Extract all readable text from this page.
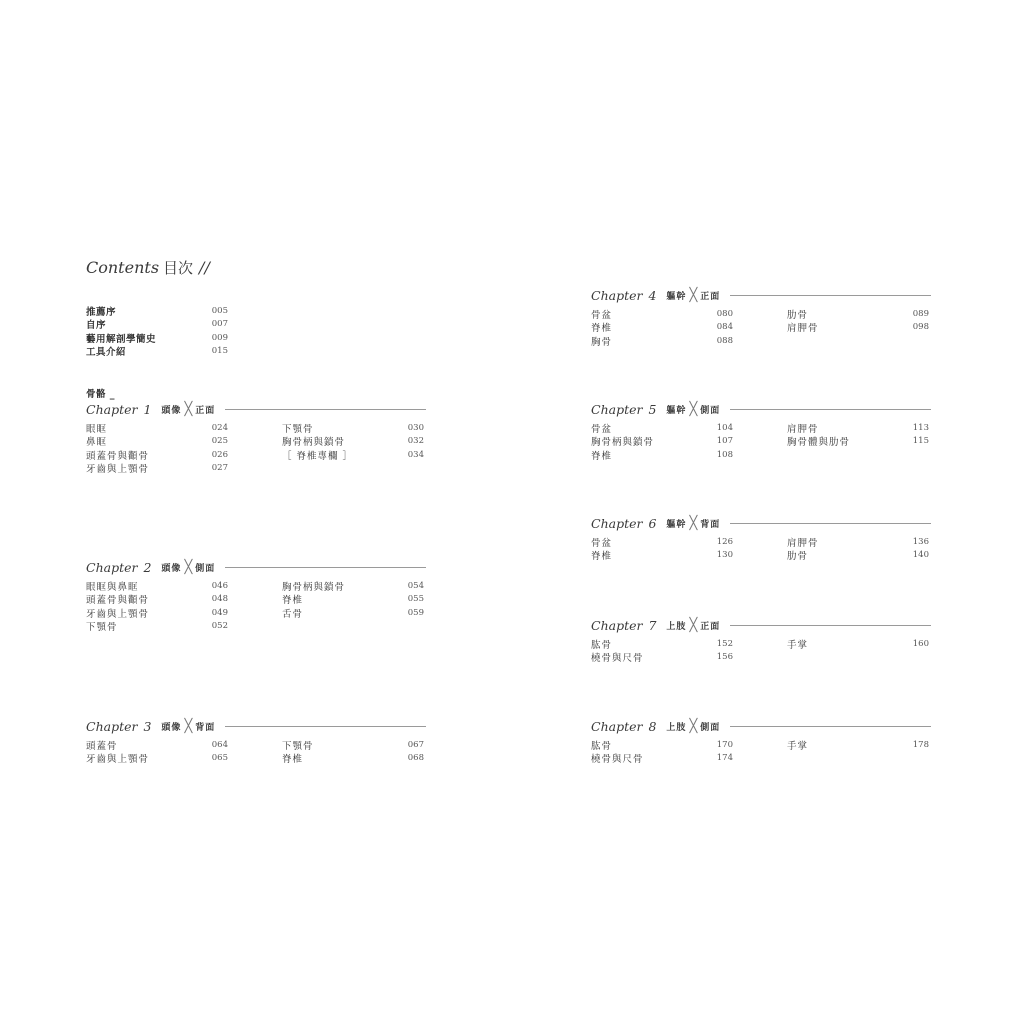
Contents 目次 //
推薦序	005
自序	007
藝用解剖學簡史	009
工具介紹	015
骨骼 _
Chapter 1 頭像 ╳ 正面
眼眶	024
鼻眶	025
頭蓋骨與顴骨	026
牙齒與上顎骨	027
下顎骨	030
胸骨柄與鎖骨	032
［ 脊椎專欄 ］	034
Chapter 2 頭像 ╳ 側面
眼眶與鼻眶	046
頭蓋骨與顴骨	048
牙齒與上顎骨	049
下顎骨	052
胸骨柄與鎖骨	054
脊椎	055
舌骨	059
Chapter 3 頭像 ╳ 背面
頭蓋骨	064
牙齒與上顎骨	065
下顎骨	067
脊椎	068
Chapter 4 軀幹 ╳ 正面
骨盆	080
脊椎	084
胸骨	088
肋骨	089
肩胛骨	098
Chapter 5 軀幹 ╳ 側面
骨盆	104
胸骨柄與鎖骨	107
脊椎	108
肩胛骨	113
胸骨體與肋骨	115
Chapter 6 軀幹 ╳ 背面
骨盆	126
脊椎	130
肩胛骨	136
肋骨	140
Chapter 7 上肢 ╳ 正面
肱骨	152
橈骨與尺骨	156
手掌	160
Chapter 8 上肢 ╳ 側面
肱骨	170
橈骨與尺骨	174
手掌	178
